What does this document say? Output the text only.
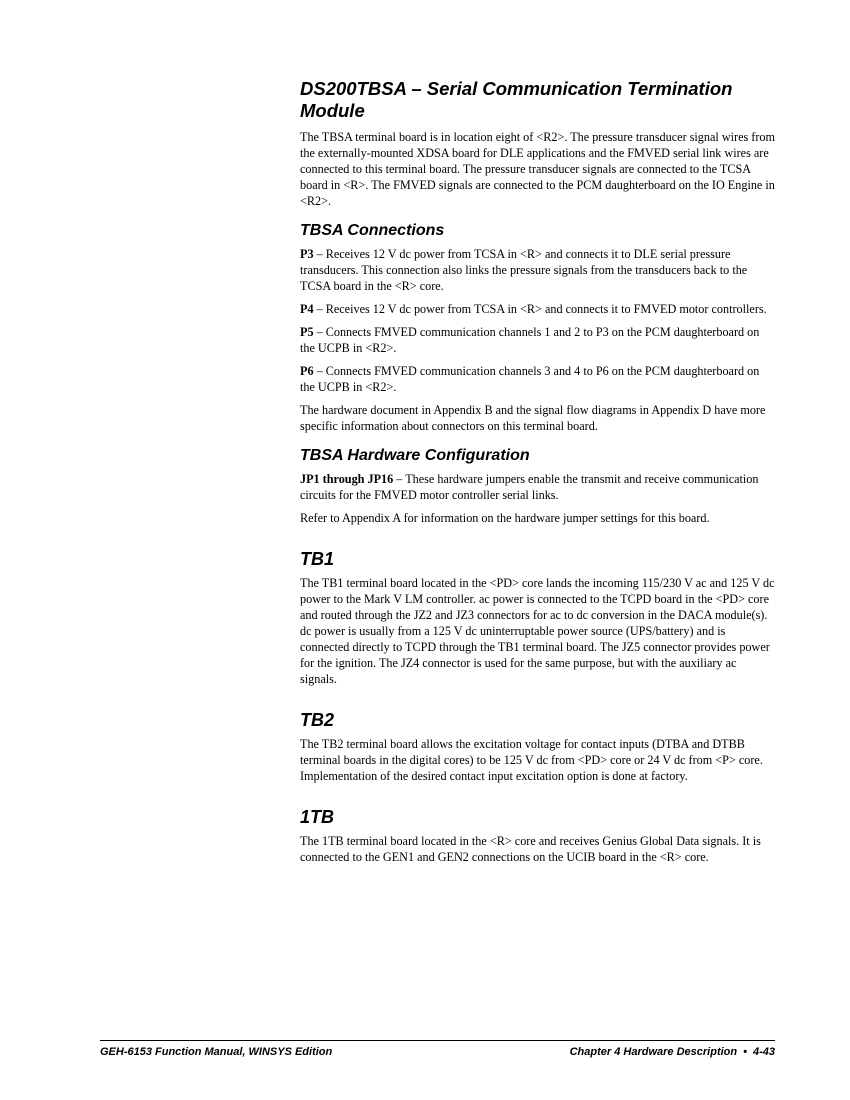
DS200TBSA – Serial Communication Termination Module

The TBSA terminal board is in location eight of <R2>. The pressure transducer signal wires from the externally-mounted XDSA board for DLE applications and the FMVED serial link wires are connected to this terminal board. The pressure transducer signals are connected to the TCSA board in <R>. The FMVED signals are connected to the PCM daughterboard on the IO Engine in <R2>.

TBSA Connections

P3 – Receives 12 V dc power from TCSA in <R> and connects it to DLE serial pressure transducers. This connection also links the pressure signals from the transducers back to the TCSA board in the <R> core.

P4 – Receives 12 V dc power from TCSA in <R> and connects it to FMVED motor controllers.

P5 – Connects FMVED communication channels 1 and 2 to P3 on the PCM daughterboard on the UCPB in <R2>.

P6 – Connects FMVED communication channels 3 and 4 to P6 on the PCM daughterboard on the UCPB in <R2>.

The hardware document in Appendix B and the signal flow diagrams in Appendix D have more specific information about connectors on this terminal board.

TBSA Hardware Configuration

JP1 through JP16 – These hardware jumpers enable the transmit and receive communication circuits for the FMVED motor controller serial links.

Refer to Appendix A for information on the hardware jumper settings for this board.

TB1

The TB1 terminal board located in the <PD> core lands the incoming 115/230 V ac and 125 V dc power to the Mark V LM controller. ac power is connected to the TCPD board in the <PD> core and routed through the JZ2 and JZ3 connectors for ac to dc conversion in the DACA module(s). dc power is usually from a 125 V dc uninterruptable power source (UPS/battery) and is connected directly to TCPD through the TB1 terminal board. The JZ5 connector provides power for the ignition. The JZ4 connector is used for the same purpose, but with the auxiliary ac signals.

TB2

The TB2 terminal board allows the excitation voltage for contact inputs (DTBA and DTBB terminal boards in the digital cores) to be 125 V dc from <PD> core or 24 V dc from <P> core. Implementation of the desired contact input excitation option is done at factory.

1TB

The 1TB terminal board located in the <R> core and receives Genius Global Data signals. It is connected to the GEN1 and GEN2 connections on the UCIB board in the <R> core.

GEH-6153 Function Manual, WINSYS Edition	Chapter 4 Hardware Description • 4-43
